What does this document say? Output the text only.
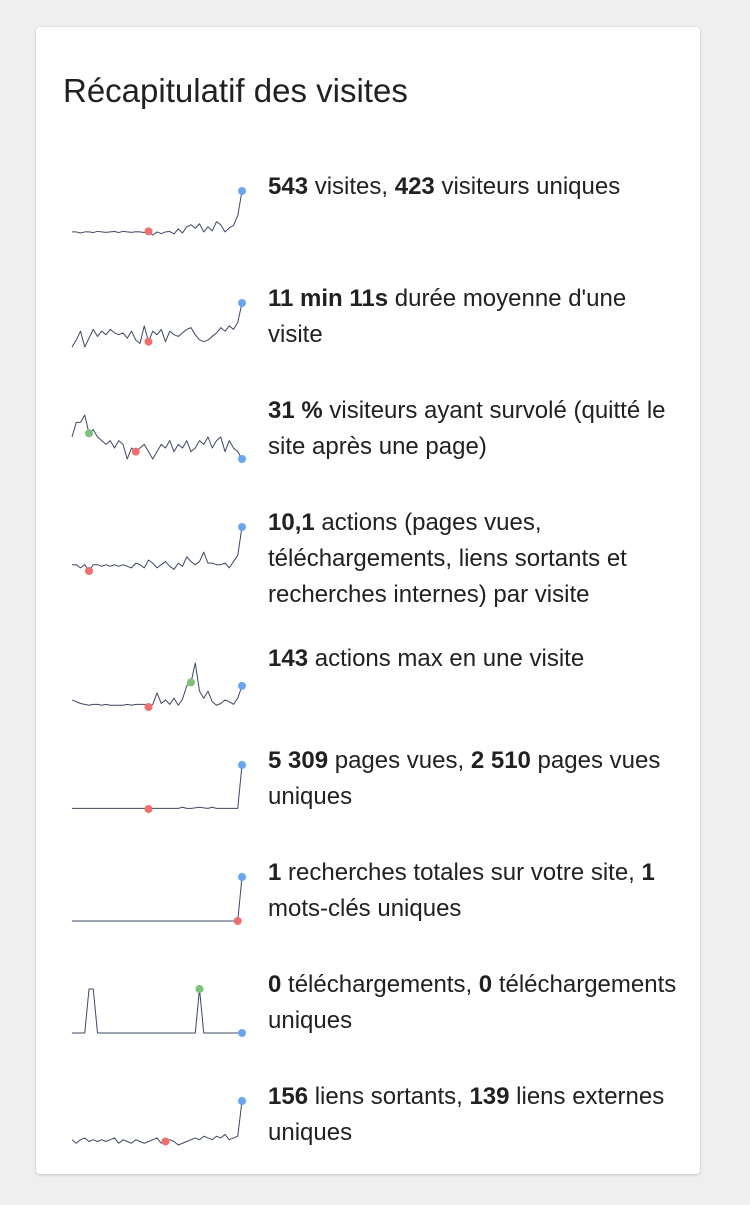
Récapitulatif des visites
543 visites, 423 visiteurs uniques
11 min 11s durée moyenne d'une visite
31 % visiteurs ayant survolé (quitté le site après une page)
10,1 actions (pages vues, téléchargements, liens sortants et recherches internes) par visite
143 actions max en une visite
5 309 pages vues, 2 510 pages vues uniques
1 recherches totales sur votre site, 1 mots-clés uniques
0 téléchargements, 0 téléchargements uniques
156 liens sortants, 139 liens externes uniques
